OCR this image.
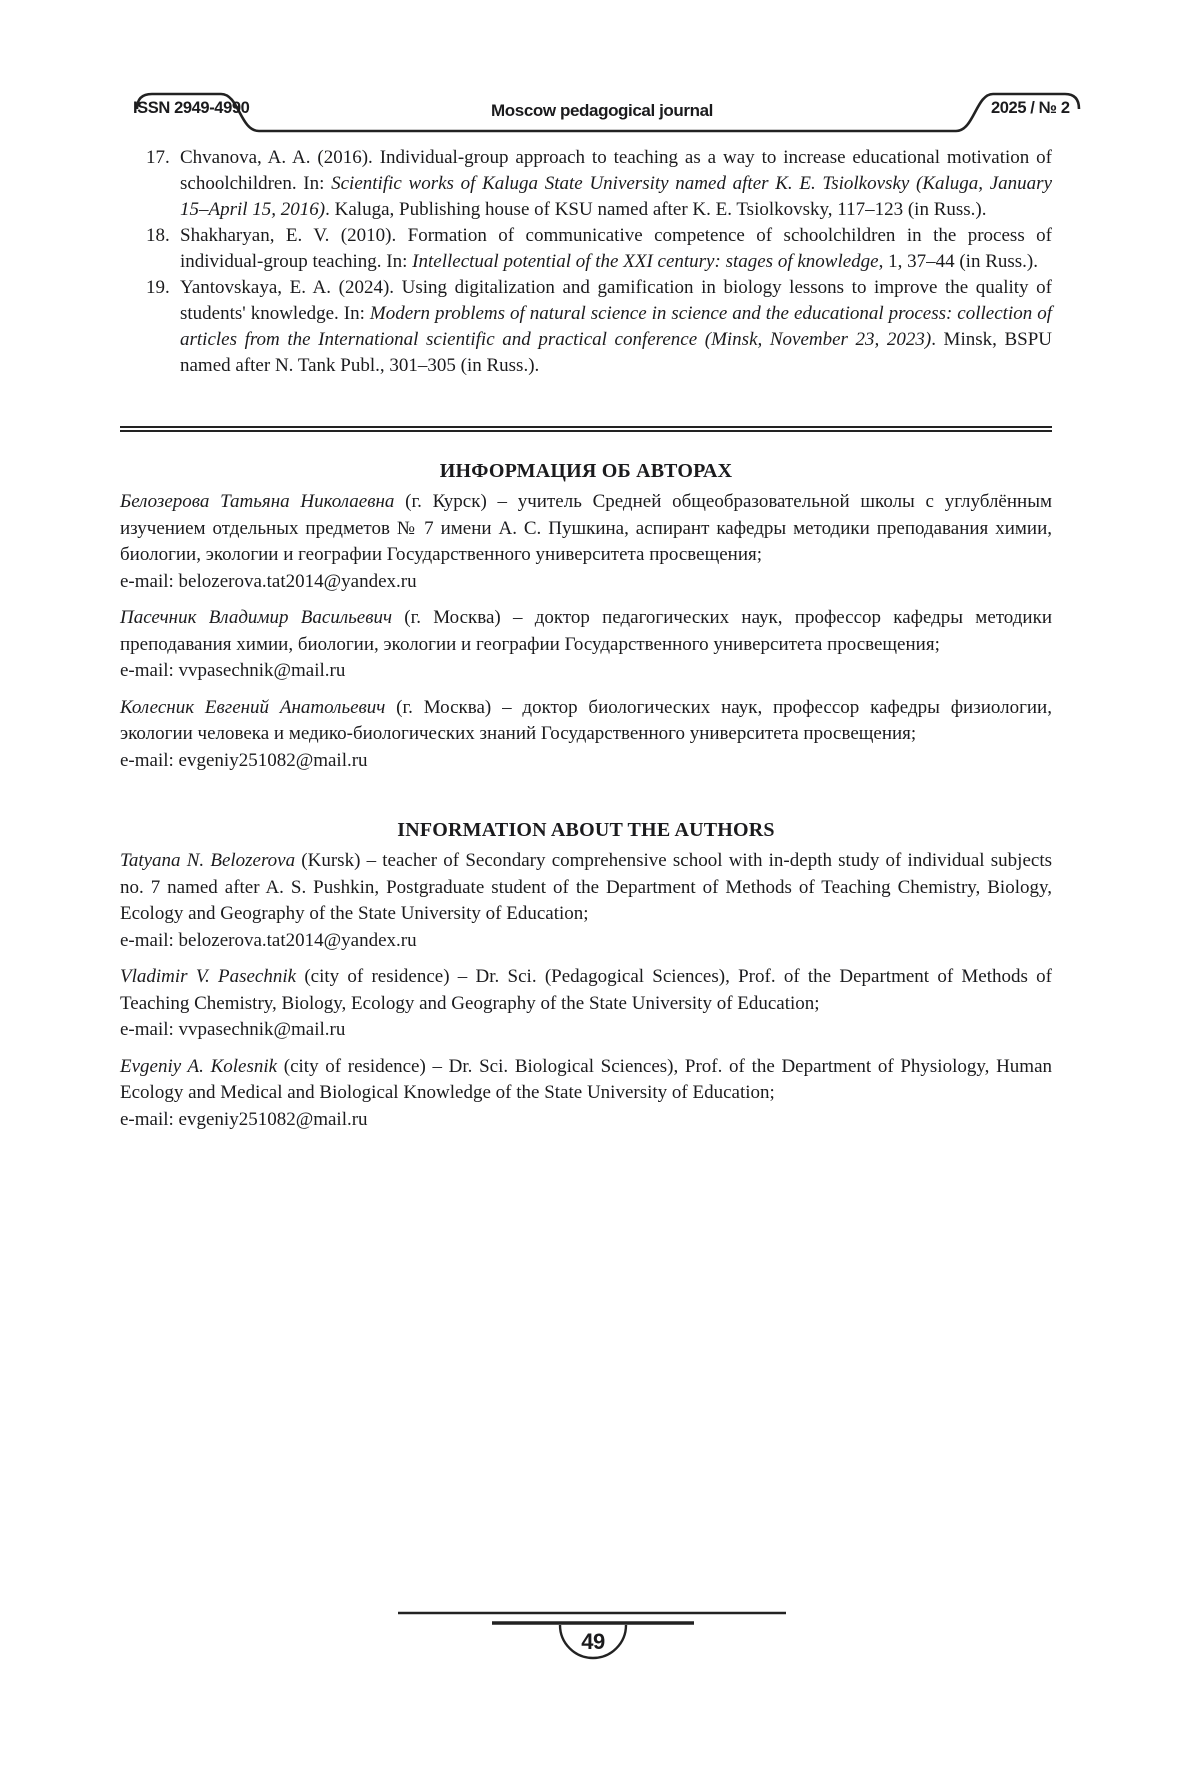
ISSN 2949-4990	Moscow pedagogical journal	2025 / № 2
17. Chvanova, A. A. (2016). Individual-group approach to teaching as a way to increase educational motivation of schoolchildren. In: Scientific works of Kaluga State University named after K. E. Tsiolkovsky (Kaluga, January 15–April 15, 2016). Kaluga, Publishing house of KSU named after K. E. Tsiolkovsky, 117–123 (in Russ.).
18. Shakharyan, E. V. (2010). Formation of communicative competence of schoolchildren in the process of individual-group teaching. In: Intellectual potential of the XXI century: stages of knowledge, 1, 37–44 (in Russ.).
19. Yantovskaya, E. A. (2024). Using digitalization and gamification in biology lessons to improve the quality of students' knowledge. In: Modern problems of natural science in science and the educational process: collection of articles from the International scientific and practical conference (Minsk, November 23, 2023). Minsk, BSPU named after N. Tank Publ., 301–305 (in Russ.).
ИНФОРМАЦИЯ ОБ АВТОРАХ
Белозерова Татьяна Николаевна (г. Курск) – учитель Средней общеобразовательной школы с углублённым изучением отдельных предметов № 7 имени А. С. Пушкина, аспирант кафедры методики преподавания химии, биологии, экологии и географии Государственного университета просвещения;
e-mail: belozerova.tat2014@yandex.ru
Пасечник Владимир Васильевич (г. Москва) – доктор педагогических наук, профессор кафедры методики преподавания химии, биологии, экологии и географии Государственного университета просвещения;
e-mail: vvpasechnik@mail.ru
Колесник Евгений Анатольевич (г. Москва) – доктор биологических наук, профессор кафедры физиологии, экологии человека и медико-биологических знаний Государственного университета просвещения;
e-mail: evgeniy251082@mail.ru
INFORMATION ABOUT THE AUTHORS
Tatyana N. Belozerova (Kursk) – teacher of Secondary comprehensive school with in-depth study of individual subjects no. 7 named after A. S. Pushkin, Postgraduate student of the Department of Methods of Teaching Chemistry, Biology, Ecology and Geography of the State University of Education;
e-mail: belozerova.tat2014@yandex.ru
Vladimir V. Pasechnik (city of residence) – Dr. Sci. (Pedagogical Sciences), Prof. of the Department of Methods of Teaching Chemistry, Biology, Ecology and Geography of the State University of Education;
e-mail: vvpasechnik@mail.ru
Evgeniy A. Kolesnik (city of residence) – Dr. Sci. Biological Sciences), Prof. of the Department of Physiology, Human Ecology and Medical and Biological Knowledge of the State University of Education;
e-mail: evgeniy251082@mail.ru
49
